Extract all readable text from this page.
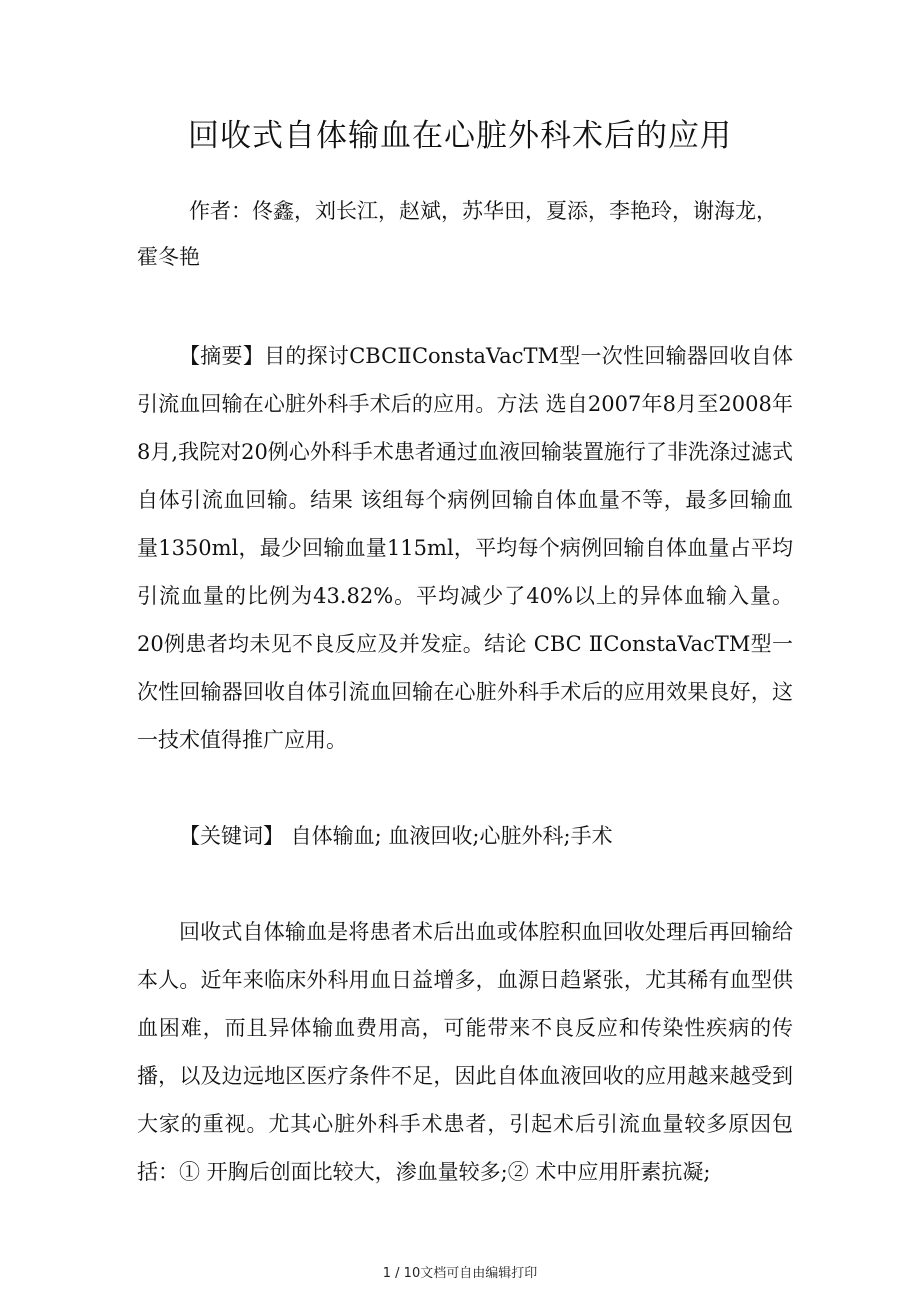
回收式自体输血在心脏外科术后的应用

作者：佟鑫，刘长江，赵斌，苏华田，夏添，李艳玲，谢海龙，霍冬艳

【摘要】目的探讨CBCⅡConstaVacTM型一次性回输器回收自体引流血回输在心脏外科手术后的应用。方法 选自2007年8月至2008年8月,我院对20例心外科手术患者通过血液回输装置施行了非洗涤过滤式自体引流血回输。结果 该组每个病例回输自体血量不等，最多回输血量1350ml，最少回输血量115ml，平均每个病例回输自体血量占平均引流血量的比例为43.82%。平均减少了40%以上的异体血输入量。20例患者均未见不良反应及并发症。结论 CBC ⅡConstaVacTM型一次性回输器回收自体引流血回输在心脏外科手术后的应用效果良好，这一技术值得推广应用。

【关键词】 自体输血; 血液回收;心脏外科;手术

回收式自体输血是将患者术后出血或体腔积血回收处理后再回输给本人。近年来临床外科用血日益增多，血源日趋紧张，尤其稀有血型供血困难，而且异体输血费用高，可能带来不良反应和传染性疾病的传播，以及边远地区医疗条件不足，因此自体血液回收的应用越来越受到大家的重视。尤其心脏外科手术患者，引起术后引流血量较多原因包括：① 开胸后创面比较大，渗血量较多;② 术中应用肝素抗凝;

1 / 10文档可自由编辑打印
